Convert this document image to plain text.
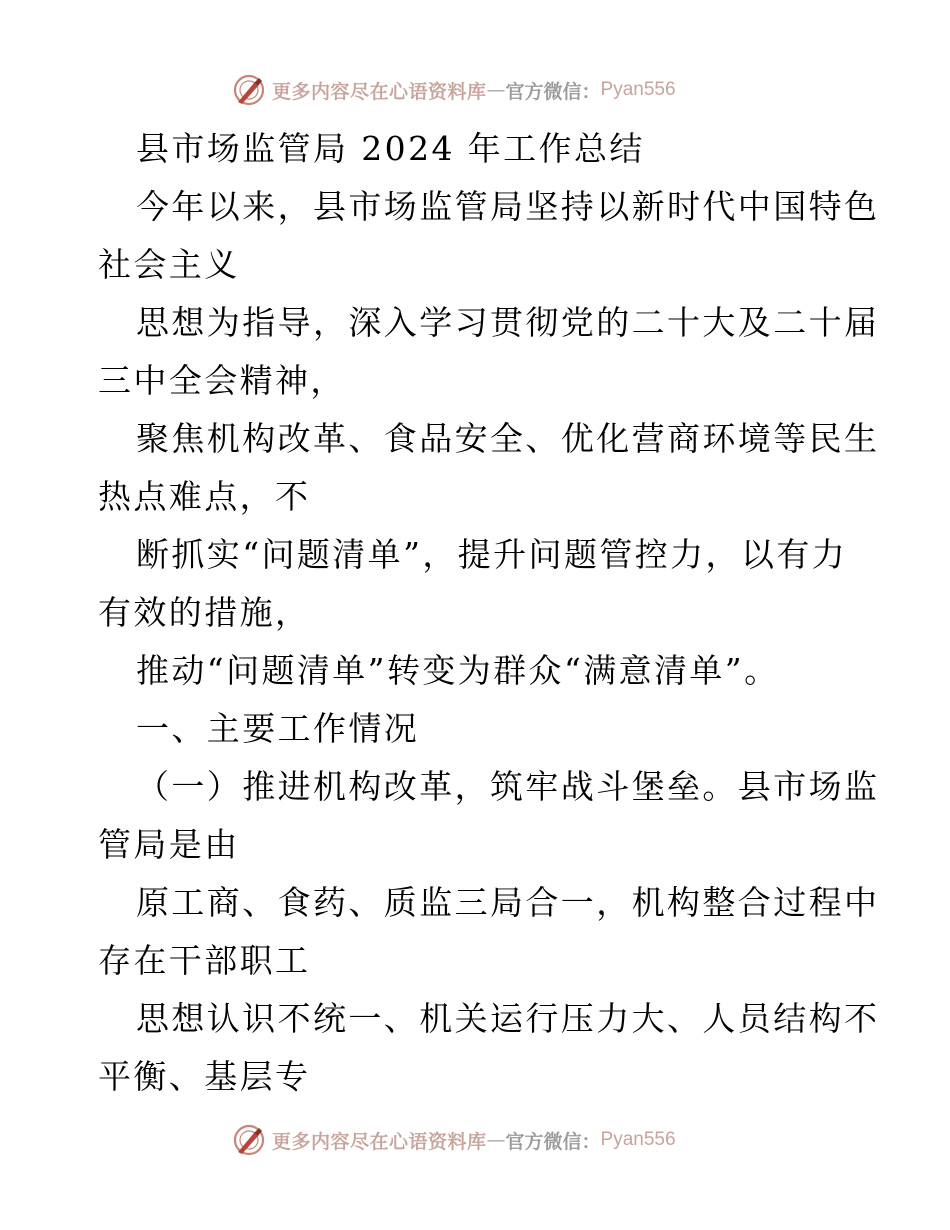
更多内容尽在心语资料库 — 官方微信： Pyan556
县市场监管局 2024 年工作总结
今年以来，县市场监管局坚持以新时代中国特色
社会主义
思想为指导，深入学习贯彻党的二十大及二十届
三中全会精神，
聚焦机构改革、食品安全、优化营商环境等民生
热点难点，不
断抓实“问题清单”，提升问题管控力，以有力
有效的措施，
推动“问题清单”转变为群众“满意清单”。
一、主要工作情况
（一）推进机构改革，筑牢战斗堡垒。县市场监
管局是由
原工商、食药、质监三局合一，机构整合过程中
存在干部职工
思想认识不统一、机关运行压力大、人员结构不
平衡、基层专
更多内容尽在心语资料库 — 官方微信： Pyan556
